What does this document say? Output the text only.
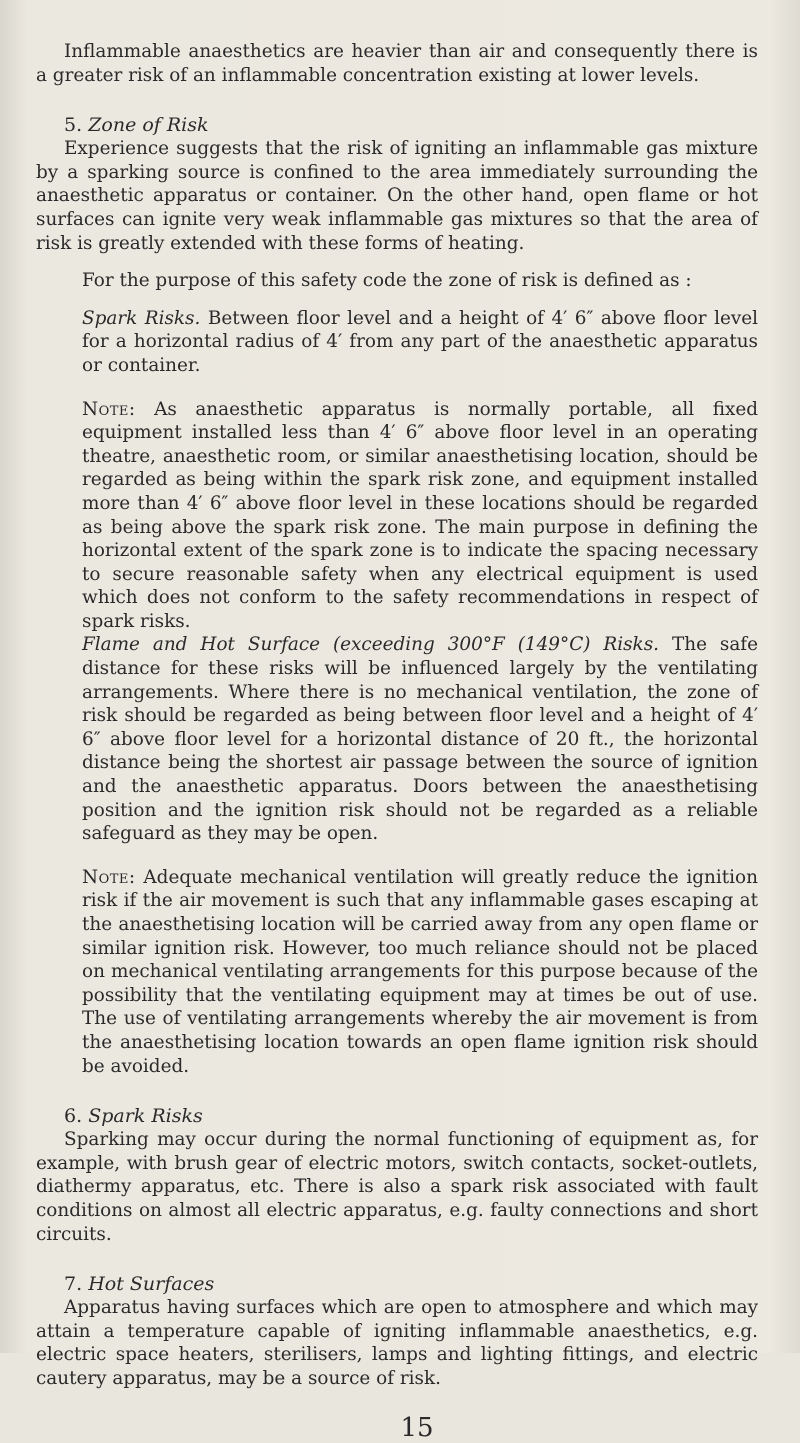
Inflammable anaesthetics are heavier than air and consequently there is a greater risk of an inflammable concentration existing at lower levels.

5. Zone of Risk

Experience suggests that the risk of igniting an inflammable gas mixture by a sparking source is confined to the area immediately surrounding the anaesthetic apparatus or container. On the other hand, open flame or hot surfaces can ignite very weak inflammable gas mixtures so that the area of risk is greatly extended with these forms of heating.

For the purpose of this safety code the zone of risk is defined as :

Spark Risks. Between floor level and a height of 4′ 6″ above floor level for a horizontal radius of 4′ from any part of the anaesthetic apparatus or container.

Note: As anaesthetic apparatus is normally portable, all fixed equipment installed less than 4′ 6″ above floor level in an operating theatre, anaesthetic room, or similar anaesthetising location, should be regarded as being within the spark risk zone, and equipment installed more than 4′ 6″ above floor level in these locations should be regarded as being above the spark risk zone. The main purpose in defining the horizontal extent of the spark zone is to indicate the spacing necessary to secure reasonable safety when any electrical equipment is used which does not conform to the safety recommendations in respect of spark risks.

Flame and Hot Surface (exceeding 300°F (149°C) Risks. The safe distance for these risks will be influenced largely by the ventilating arrangements. Where there is no mechanical ventilation, the zone of risk should be regarded as being between floor level and a height of 4′ 6″ above floor level for a horizontal distance of 20 ft., the horizontal distance being the shortest air passage between the source of ignition and the anaesthetic apparatus. Doors between the anaesthetising position and the ignition risk should not be regarded as a reliable safeguard as they may be open.

Note: Adequate mechanical ventilation will greatly reduce the ignition risk if the air movement is such that any inflammable gases escaping at the anaesthetising location will be carried away from any open flame or similar ignition risk. However, too much reliance should not be placed on mechanical ventilating arrangements for this purpose because of the possibility that the ventilating equipment may at times be out of use. The use of ventilating arrangements whereby the air movement is from the anaesthetising location towards an open flame ignition risk should be avoided.

6. Spark Risks

Sparking may occur during the normal functioning of equipment as, for example, with brush gear of electric motors, switch contacts, socket-outlets, diathermy apparatus, etc. There is also a spark risk associated with fault conditions on almost all electric apparatus, e.g. faulty connections and short circuits.

7. Hot Surfaces

Apparatus having surfaces which are open to atmosphere and which may attain a temperature capable of igniting inflammable anaesthetics, e.g. electric space heaters, sterilisers, lamps and lighting fittings, and electric cautery apparatus, may be a source of risk.

15
